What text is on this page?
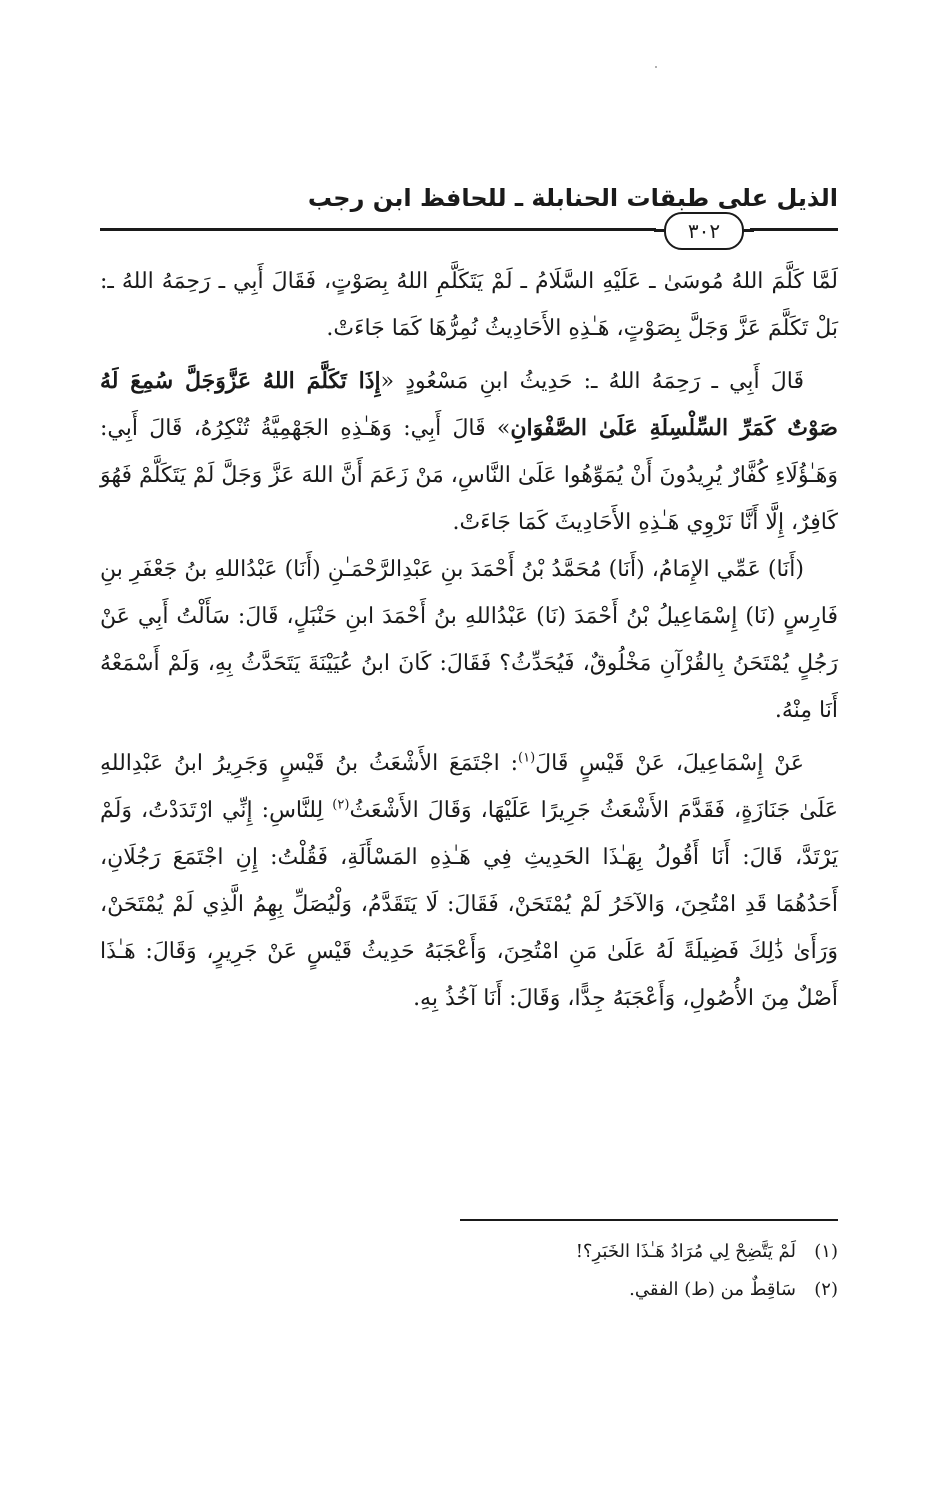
الذيل على طبقات الحنابلة ـ للحافظ ابن رجب
٣٠٢

لَمَّا كَلَّمَ اللهُ مُوسَىٰ ـ عَلَيْهِ السَّلَامُ ـ لَمْ يَتَكَلَّمِ اللهُ بِصَوْتٍ، فَقَالَ أَبِي ـ رَحِمَهُ اللهُ ـ: بَلْ تَكَلَّمَ عَزَّ وَجَلَّ بِصَوْتٍ، هَـٰذِهِ الأَحَادِيثُ نُمِرُّهَا كَمَا جَاءَتْ.

قَالَ أَبِي ـ رَحِمَهُ اللهُ ـ: حَدِيثُ ابنِ مَسْعُودٍ «إِذَا تَكَلَّمَ اللهُ عَزَّوَجَلَّ سُمِعَ لَهُ صَوْتٌ كَمَرِّ السِّلْسِلَةِ عَلَىٰ الصَّفْوَانِ» قَالَ أَبِي: وَهَـٰذِهِ الجَهْمِيَّةُ تُنْكِرُهُ، قَالَ أَبِي: وَهَـٰؤُلَاءِ كُفَّارٌ يُرِيدُونَ أَنْ يُمَوِّهُوا عَلَىٰ النَّاسِ، مَنْ زَعَمَ أَنَّ اللهَ عَزَّ وَجَلَّ لَمْ يَتَكَلَّمْ فَهُوَ كَافِرٌ، إِلَّا أَنَّا نَرْوِي هَـٰذِهِ الأَحَادِيثَ كَمَا جَاءَتْ.

(أَنَا) عَمِّي الإِمَامُ، (أَنَا) مُحَمَّدُ بْنُ أَحْمَدَ بنِ عَبْدِالرَّحْمَـٰنِ (أَنَا) عَبْدُاللهِ بنُ جَعْفَرِ بنِ فَارِسٍ (نَا) إِسْمَاعِيلُ بْنُ أَحْمَدَ (نَا) عَبْدُاللهِ بنُ أَحْمَدَ ابنِ حَنْبَلٍ، قَالَ: سَأَلْتُ أَبِي عَنْ رَجُلٍ يُمْتَحَنُ بِالقُرْآنِ مَخْلُوقٌ، فَيُحَدِّثُ؟ فَقَالَ: كَانَ ابنُ عُيَيْنَةَ يَتَحَدَّثُ بِهِ، وَلَمْ أَسْمَعْهُ أَنَا مِنْهُ.

عَنْ إِسْمَاعِيلَ، عَنْ قَيْسٍ قَالَ$^{(١)}$: اجْتَمَعَ الأَشْعَثُ بنُ قَيْسٍ وَجَرِيرُ ابنُ عَبْدِاللهِ عَلَىٰ جَنَازَةٍ، فَقَدَّمَ الأَشْعَثُ جَرِيرًا عَلَيْهَا، وَقَالَ الأَشْعَثُ$^{(٢)}$ لِلنَّاسِ: إِنِّي ارْتَدَدْتُ، وَلَمْ يَرْتَدَّ، قَالَ: أَنَا أَقُولُ بِهَـٰذَا الحَدِيثِ فِي هَـٰذِهِ المَسْأَلَةِ، فَقُلْتُ: إِنِ اجْتَمَعَ رَجُلَانِ، أَحَدُهُمَا قَدِ امْتُحِنَ، وَالآخَرُ لَمْ يُمْتَحَنْ، فَقَالَ: لَا يَتَقَدَّمُ، وَلْيُصَلِّ بِهِمُ الَّذِي لَمْ يُمْتَحَنْ، وَرَأَىٰ ذَٰلِكَ فَضِيلَةً لَهُ عَلَىٰ مَنِ امْتُحِنَ، وَأَعْجَبَهُ حَدِيثُ قَيْسٍ عَنْ جَرِيرٍ، وَقَالَ: هَـٰذَا أَصْلٌ مِنَ الأُصُولِ، وَأَعْجَبَهُ جِدًّا، وَقَالَ: أَنَا آخُذُ بِهِ.

(١)لَمْ يَتَّضِحْ لِي مُرَادُ هَـٰذَا الخَبَرِ؟!

(٢)سَاقِطٌ من (ط) الفقي.
